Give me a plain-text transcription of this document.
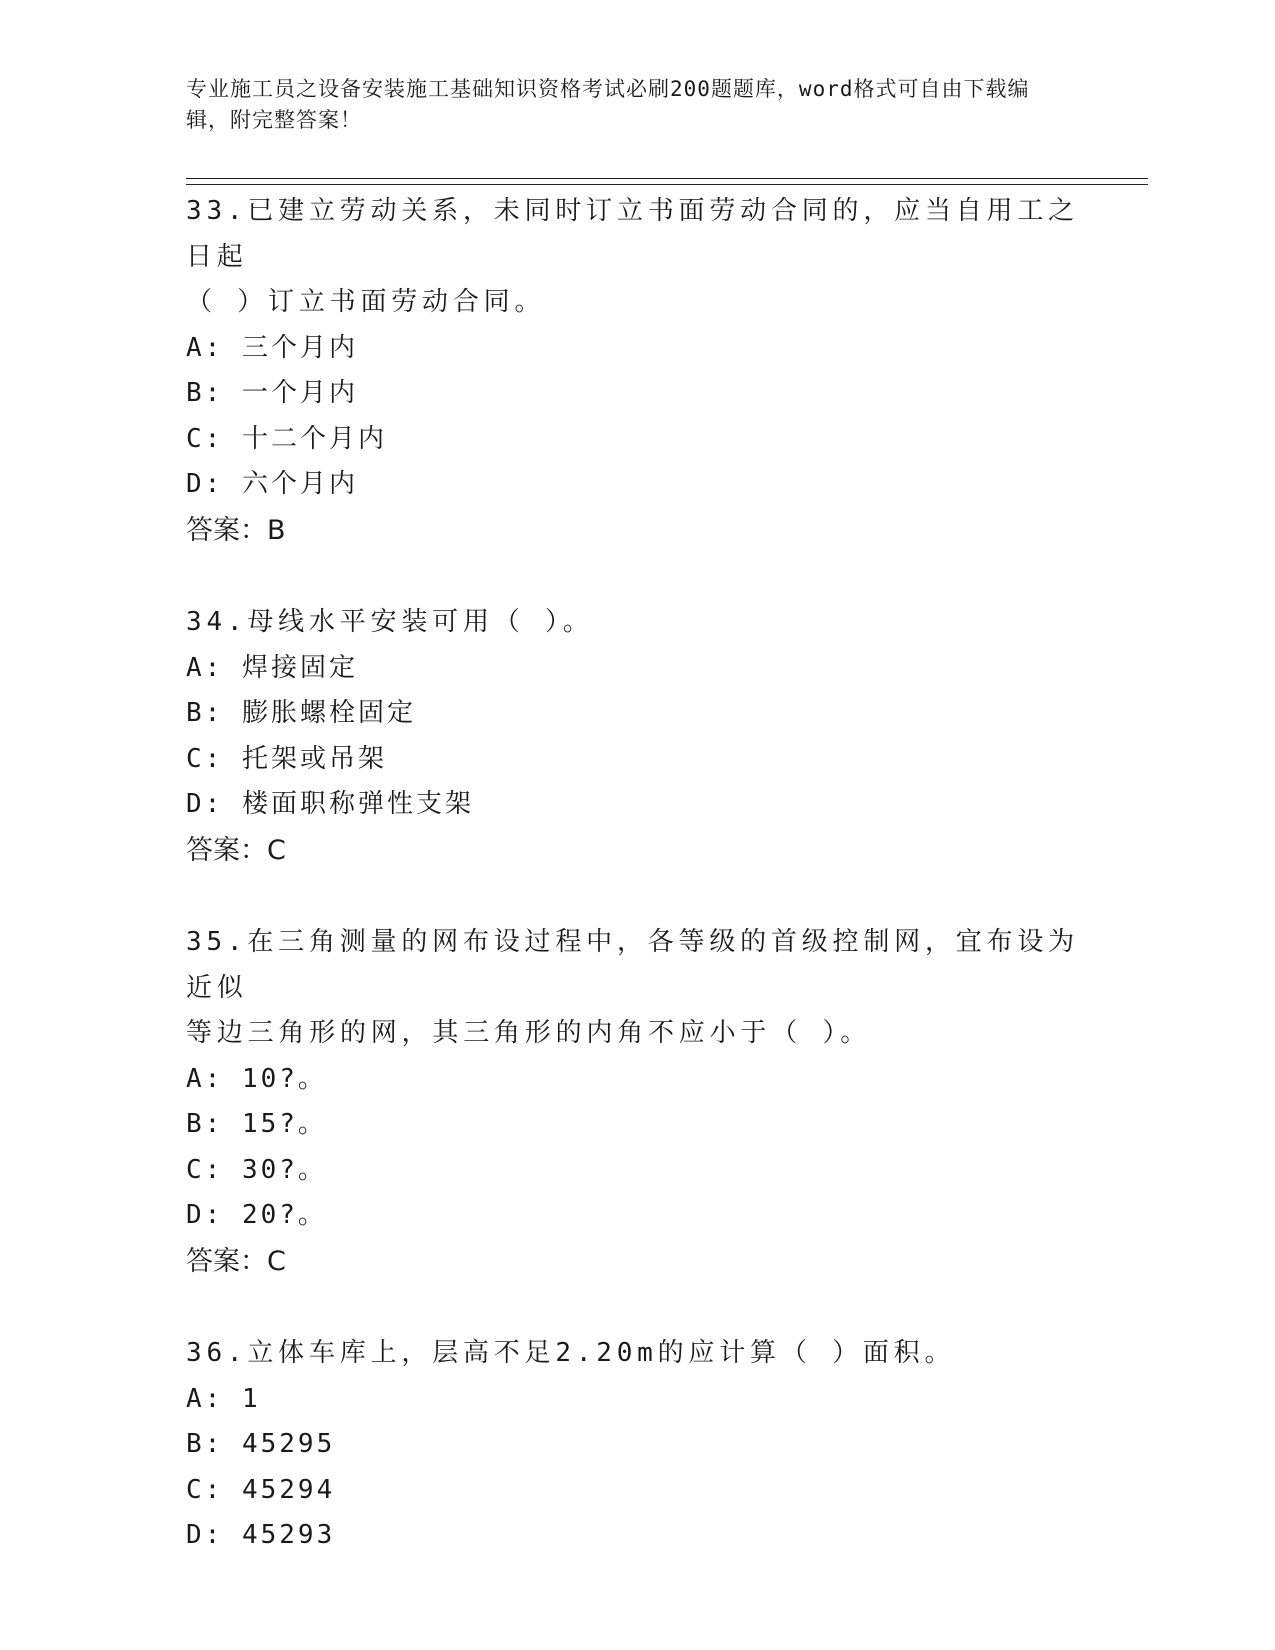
专业施工员之设备安装施工基础知识资格考试必刷200题题库，word格式可自由下载编辑，附完整答案！
33.已建立劳动关系，未同时订立书面劳动合同的，应当自用工之日起
（ ）订立书面劳动合同。
A: 三个月内
B: 一个月内
C: 十二个月内
D: 六个月内
答案：B
34.母线水平安装可用（ ）。
A: 焊接固定
B: 膨胀螺栓固定
C: 托架或吊架
D: 楼面职称弹性支架
答案：C
35.在三角测量的网布设过程中，各等级的首级控制网，宜布设为近似
等边三角形的网，其三角形的内角不应小于（ ）。
A: 10?。
B: 15?。
C: 30?。
D: 20?。
答案：C
36.立体车库上，层高不足2.20m的应计算（ ）面积。
A: 1
B: 45295
C: 45294
D: 45293
